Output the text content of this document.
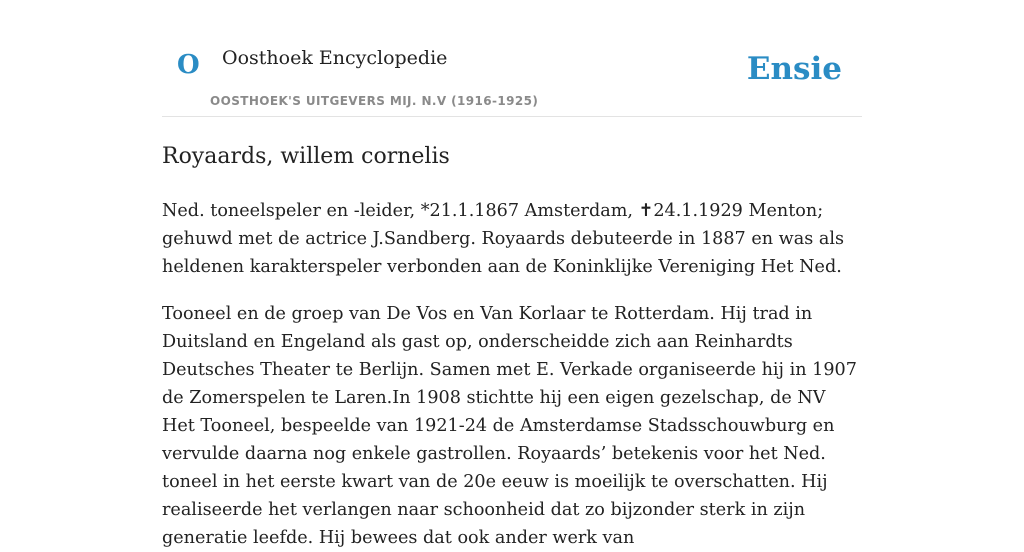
O Oosthoek Encyclopedie
OOSTHOEK'S UITGEVERS MIJ. N.V (1916-1925)
Ensie
Royaards, willem cornelis

Ned. toneelspeler en -leider, *21.1.1867 Amsterdam, ✝24.1.1929 Menton; gehuwd met de actrice J.Sandberg. Royaards debuteerde in 1887 en was als heldenen karakterspeler verbonden aan de Koninklijke Vereniging Het Ned.

Tooneel en de groep van De Vos en Van Korlaar te Rotterdam. Hij trad in Duitsland en Engeland als gast op, onderscheidde zich aan Reinhardts Deutsches Theater te Berlijn. Samen met E. Verkade organiseerde hij in 1907 de Zomerspelen te Laren.In 1908 stichtte hij een eigen gezelschap, de NV Het Tooneel, bespeelde van 1921-24 de Amsterdamse Stadsschouwburg en vervulde daarna nog enkele gastrollen. Royaards’ betekenis voor het Ned. toneel in het eerste kwart van de 20e eeuw is moeilijk te overschatten. Hij realiseerde het verlangen naar schoonheid dat zo bijzonder sterk in zijn generatie leefde. Hij bewees dat ook ander werk van
